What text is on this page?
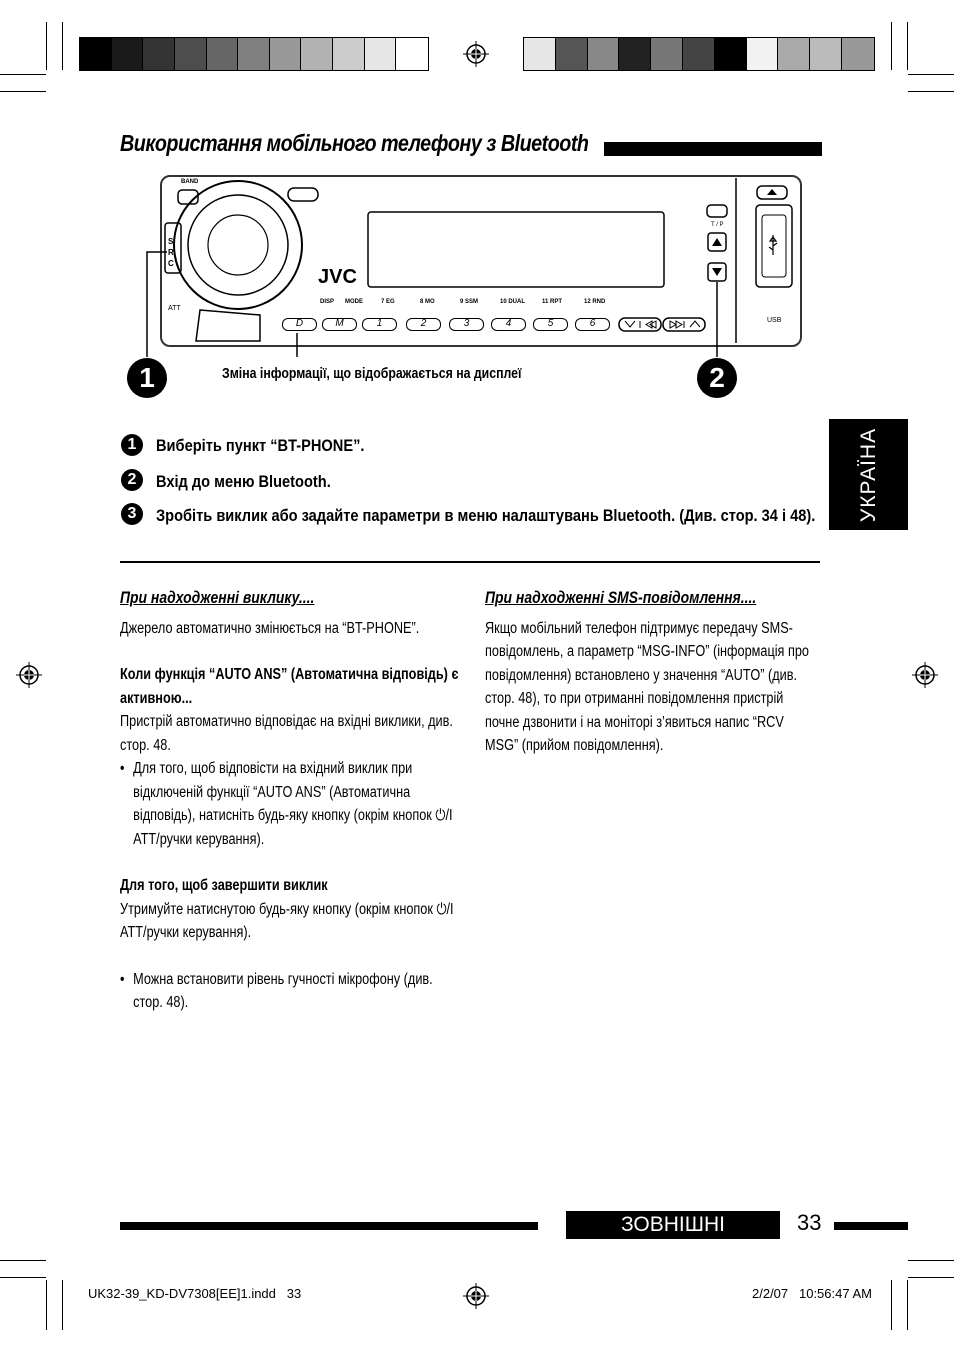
Використання мобільного телефону з Bluetooth
JVC
BAND
S R C
ATT
T / P
USB
DISP MODE	7 EG	8 MO	9 SSM	10 DUAL	11 RPT	12 RND
D	M	1	2	3	4	5	6
1	2
Зміна інформації, що відображається на дисплеї
1	Виберіть пункт “BT-PHONE”.
2	Вхід до меню Bluetooth.
3	Зробіть виклик або задайте параметри в меню налаштувань Bluetooth. (Див. стор. 34 і 48).
При надходженні виклику....
Джерело автоматично змінюється на “BT-PHONE”.
Коли функція “AUTO ANS” (Автоматична відповідь) є активною...
Пристрій автоматично відповідає на вхідні виклики, див. стор. 48.
• Для того, щоб відповісти на вхідний виклик при відключеній функції “AUTO ANS” (Автоматична відповідь), натисніть будь-яку кнопку (окрім кнопок ⏻/I ATT/ручки керування).
Для того, щоб завершити виклик
Утримуйте натиснутою будь-яку кнопку (окрім кнопок ⏻/I ATT/ручки керування).
• Можна встановити рівень гучності мікрофону (див. стор. 48).
При надходженні SMS-повідомлення....
Якщо мобільний телефон підтримує передачу SMS-повідомлень, а параметр “MSG-INFO” (інформація про повідомлення) встановлено у значення “AUTO” (див. стор. 48), то при отриманні повідомлення пристрій почне дзвонити і на моніторі з’явиться напис “RCV MSG” (прийом повідомлення).
УКРАЇНА
ЗОВНІШНІ ПРИСТРОЇ
33
UK32-39_KD-DV7308[EE]1.indd   33	2/2/07   10:56:47 AM
